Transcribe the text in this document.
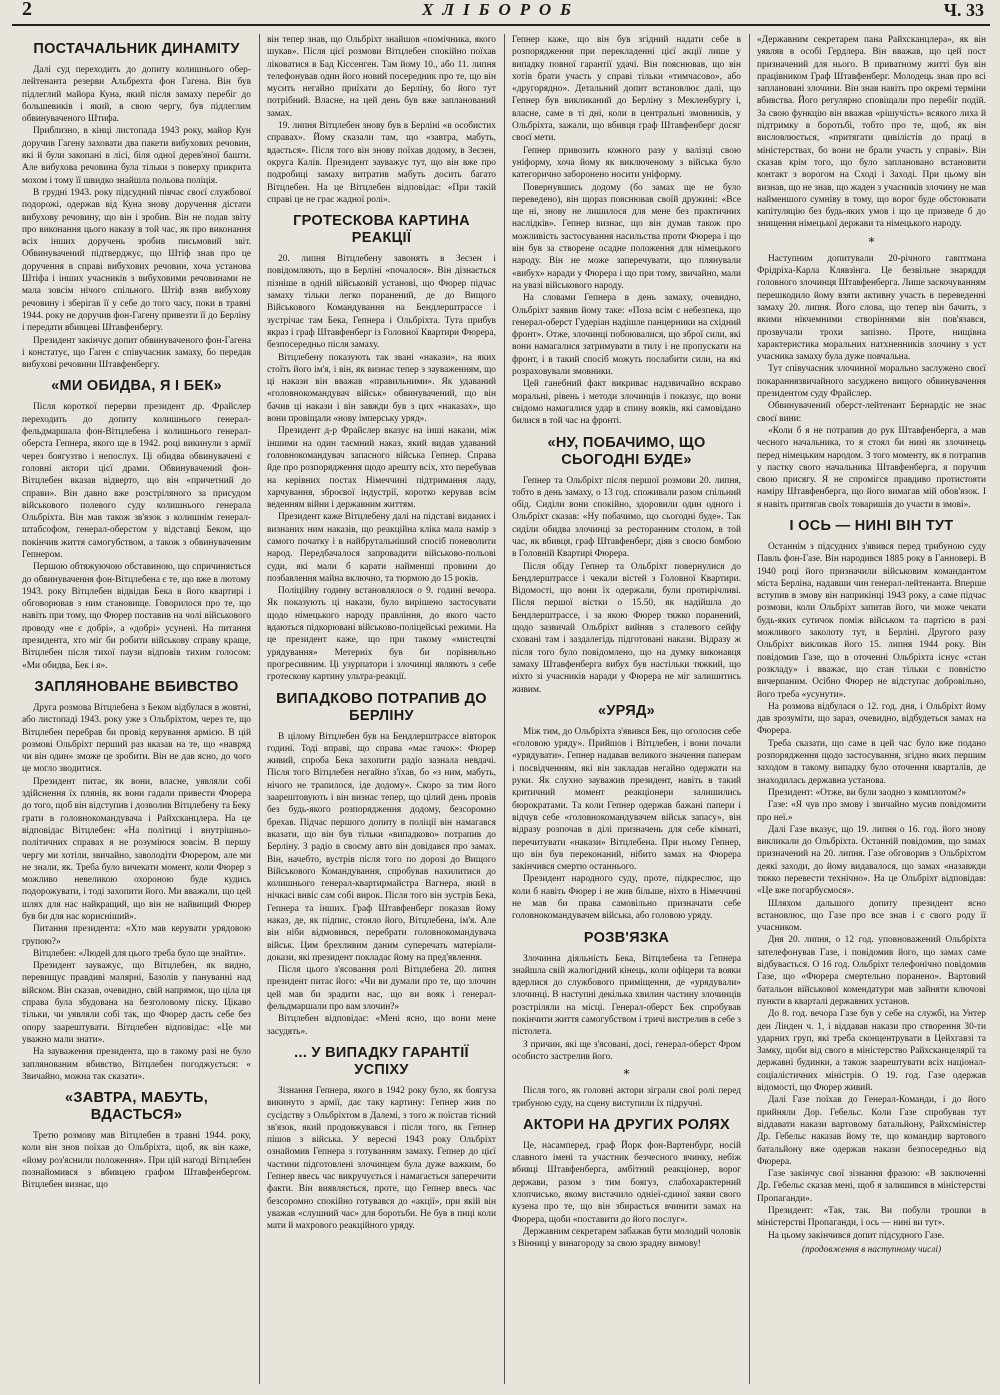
2	ХЛІБОРОБ	Ч. 33
ПОСТАЧАЛЬНИК ДИНАМІТУ

Далі суд переходить до допиту колишнього обер-лейтенанта резерви Альбрехта фон Гагена. Він був підлеглий майора Куна, який після замаху перебіг до большевиків і який, в свою чергу, був підлеглим обвинуваченого Штифа.

Приблизно, в кінці листопада 1943 року, майор Кун доручив Гагену заховати два пакети вибухових речовин, які й були закопані в лісі, біля одної дерев'яної башти. Але вибухова речовина була тільки з поверху прикрита мохом і тому її швидко знайшла польова поліція.

В грудні 1943. року підсудний півчас своєї службової подорожі, одержав від Куна знову доручення дістати вибухову речовину, що він і зробив. Він не подав звіту про виконання цього наказу в той час, як про виконання всіх інших доручень зробив письмовий звіт. Обвинувачений підтверджує, що Штіф знав про це доручення в справі вибухових речовин, хоча установа Штіфа і інших учасників з вибуховими речовинами не мала зовсім нічого спільного. Штіф взяв вибухову речовину і зберігав її у себе до того часу, поки в травні 1944. року не доручив фон-Гагену привезти її до Берліну і передати вбивцеві Штавфенбергу.

Президент закінчує допит обвинуваченого фон-Гагена і констатує, що Гаген є співучасник замаху, бо передав вибухові речовини Штавфенбергу.

«МИ ОБИДВА, Я І БЕК»

Після короткої перерви президент др. Фрайслер переходить до допиту колишнього генерал-фельдмаршала фон-Вітцлебена і колишнього генерал-оберста Гепнера, якого ще в 1942. році викинули з армії через боягузтво і непослух. Ці обидва обвинувачені є головні актори цієї драми. Обвинувачений фон-Вітцлебен вказав відверто, що він «причетний до справи». Він давно вже розстріляного за присудом військового полевого суду колишнього генерала Ольбріхта. Він мав також зв'язок з колишнім генерал-штабсофом, генерал-оберстом у відставці Беком, що покінчив життя самогубством, а також з обвинуваченим Гепнером.

Першою обтяжуючою обставиною, що спричиняється до обвинувачення фон-Вітцлебена є те, що вже в лютому 1943. року Вітцлебен відвідав Бека в його квартирі і обговорював з ним становище. Говорилося про те, що навіть при тому, що Фюрер поставив на чолі військового проводу «не є добрі», а «добрі» усунені. На питання президента, хто міг би робити військову справу краще, Вітцлебен після тихої паузи відповів тихим голосом: «Ми обидва, Бек і я».

ЗАПЛЯНОВАНЕ ВБИВСТВО

Друга розмова Вітцлебена з Беком відбулася в жовтні, або листопаді 1943. року уже з Ольбріхтом, через те, що Вітцлебен перебрав би провід керування армією. В цій розмові Ольбріхт перший раз вказав на те, що «навряд чи він один» зможе це зробити. Він не дав ясно, до чого це могло зводитися.

Президент питає, як вони, власне, уявляли собі здійснення їх плянів, як вони гадали привести Фюрера до того, щоб він відступив і дозволив Вітцлебену та Беку грати в головнокомандувача і Райхсканцлера. На це відповідає Вітцлебен: «На політиці і внутрішньо-політичних справах я не розуміюся зовсім. В першу чергу ми хотіли, звичайно, заволодіти Фюрером, але ми не знали, як. Треба було вичекати момент, коли Фюрер з можливо невеликою охороною буде кудись подорожувати, і тоді захопити його. Ми вважали, що цей шлях для нас найкращий, що він не найвищий Фюрер був би для нас корисніший».

Питання президента: «Хто мав керувати урядовою групою?»

Вітцлебен: «Людей для цього треба було ще знайти».

Президент зауважує, що Вітцлебен, як видно, перевищує правдиві малярні, Базолів у пануванні над війском. Він сказав, очевидно, свій напрямок, що ціла ця справа була збудована на безголовому піску. Цікаво тільки, чи уявляли собі так, що Фюрер дасть себе без опору заарештувати. Вітцлебен відповідає: «Це ми уважно мали знати».

На зауваження президента, що в такому разі не було заплянованим вбивство, Вітцлебен погоджується: « Звичайно, можна так сказати».

«ЗАВТРА, МАБУТЬ, ВДАСТЬСЯ»

Третю розмову мав Вітцлебен в травні 1944. року, коли він знов поїхав до Ольбріхта, щоб, як він каже, «йому роз'яснили положення». При цій нагоді Вітцлебен познайомився з вбивцею графом Штавфенбергом. Вітцлебен визнає, що

він тепер знав, що Ольбріхт знайшов «помічника, якого шукав». Після цієї розмови Вітцлебен спокійно поїхав ліковатися в Бад Кіссенген. Там йому 10., або 11. липня телефонував один його новий посередник про те, що він мусить негайно приїхати до Берліну, бо його тут потрібний. Власне, на цей день був вже запланований замах.

19. липня Вітцлебен знову був в Берліні «в особистих справах». Йому сказали там, що «завтра, мабуть, вдасться». Після того він знову поїхав додому, в Зеєзен, округа Калів. Президент зауважує тут, що він вже про подробиці замаху витратив мабуть досить багато Вітцлебен. На це Вітцлебен відповідає: «При такій справі це не грає жадної ролі».

ГРОТЕСКОВА КАРТИНА РЕАКЦІЇ

20. липня Вітцлебену завонять в Зеєзен і повідомляють, що в Берліні «почалося». Він дізнається пізніше в одній військовій установі, що Фюрер підчас замаху тільки легко поранений, де до Вищого Військового Командування на Бендлерштрассе і зустрічає там Бека, Гепнера і Ольбріхта. Тута прибув якраз і граф Штавфенберг із Головної Квартири Фюрера, безпосередньо після замаху.

Вітцлебену показують так звані «накази», на яких стоїть його ім'я, і він, як визнає тепер з зауваженням, що ці накази він вважав «правильними». Як удаваний «головнокомандувач військ» обвинувачений, що він бачив ці накази і він завжди був з цих «наказах», що вони провіщали «нову імперську уряд».

Президент д-р Фрайслер вказує на інші накази, між іншими на один таємний наказ, який видав удаваний головнокомандувач запасного війська Гепнер. Справа йде про розпорядження щодо арешту всіх, хто перебував на керівних постах Німеччині підтримання ладу, харчування, зброєвої індустрії, коротко керував всім веденням війни і державним життям.

Президент каже Вітцлебену далі на підставі виданих і визнаних ним наказів, що реакційна кліка мала намір з самого початку і в найбрутальніший спосіб поневолити народ. Передбачалося запровадити військово-польові суди, які мали б карати найменші провини до позбавлення майна включно, та тюрмою до 15 років.

Поліційну годину встановлялося о 9. годині вечора. Як показують ці накази, було вирішено застосувати щодо німецького народу правління, до якого часто вдаються підкорювані військово-поліцейські режими. На це президент каже, що при такому «мистецтві урядування» Метерніх був би порівняльно прогресивним. Ці узурпатори і злочинці являють з себе гротескову картину ультра-реакції.

ВИПАДКОВО ПОТРАПИВ ДО БЕРЛІНУ

В цілому Вітцлебен був на Бендлерштрассе вівторок годині. Тоді вправі, що справа «має гачок»: Фюрер живий, спроба Бека захопити радіо зазнала невдачі. Після того Вітцлебен негайно з'їхав, бо «з ним, мабуть, нічого не трапилося, іде додому». Скоро за тим його заарештовують і він визнає тепер, що цілий день провів без будь-якого розпорядження додому, безсоромно брехав. Підчас першого допиту в поліції він намагався вказати, що він був тільки «випадково» потрапив до Берліну. З радіо в своєму авто він довідався про замах. Він, начебто, вустрів після того по дорозі до Вищого Військового Командування, спробував нахилитися до колишнього генерал-квартирмайстра Вагнера, який в нічкасі вивіс сам собі вирок. Після того він зустрів Бека, Гепнера та інших. Граф Штавфенберг показав йому наказ, де, як підпис, стояло його, Вітцлебена, ім'я. Але він ніби відмовився, перебрати головнокомандувача військ. Цим брехливим даним суперечать матеріали-докази, які президент покладає йому на пред'явлення.

Після цього з'ясовання ролі Вітцлебена 20. липня президент питає його: «Чи ви думали про те, що злочин цей мав би зрадити нас, що ви вояк і генерал-фельдмаршали про вам злочин?»

Вітцлебен відповідає: «Мені ясно, що вони мене засудять».

... У ВИПАДКУ ГАРАНТІЇ УСПІХУ

Зізнання Гепнера, якого в 1942 року було, як боягуза викинуто з армії, дає таку картину: Гепнер жив по сусідству з Ольбріхтом в Далемі, з того ж поїстав тісний зв'язок, який продовжувався і після того, як Гепнер пішов з війська. У вересні 1943 року Ольбріхт ознайомив Гепнера з готуванням замаху. Гепнер до цієї частини підготовлені злочинцем була дуже важким, бо Гепнер ввесь час викручується і намагається заперечити факти. Він виявляється, проте, що Гепнер ввесь час безсоромно спокійно готувався до «акції», при якій він уважав «слушний час» для боротьби. Не був в пиці коли мати й махрового реакційного уряду.

Гепнер каже, що він був згідний надати себе в розпорядження при перекладенні цієї акції лише у випадку повної гарантії удачі. Він пояснював, що він хотів брати участь у справі тільки «тимчасово», або «другорядно». Детальний допит встановлює далі, що Гепнер був викликаний до Берліну з Мекленбургу і, власне, саме в ті дні, коли в центральні змовників, у Ольбріхта, зажали, що вбивця граф Штавфенберг досяг своєї мети.

Гепнер привозить кожного разу у валізці свою уніформу, хоча йому як виключеному з війська було категорично заборонено носити уніформу.

Повернувшись додому (бо замах ще не було переведено), він щораз пояснював своїй дружині: «Все ще ні, знову не лишилося для мене без практичних наслідків». Гепнер визнає, що він думав також про можливість застосування насильства проти Фюрера і що він був за створене осадне положення для німецького народу. Він не може заперечувати, що плянували «вибух» наради у Фюрера і що при тому, звичайно, мали на увазі військового народу.

На словами Гепнера в день замаху, очевидно, Ольбріхт заявив йому таке: «Поза всім є небезпека, що генерал-оберст Гудеріан надішле панцерники на східний фронт». Отже, злочинці побоювалися, що зброї сили, які вони намагалися затримувати в тилу і не пропускати на фронт, і в такий спосіб можуть послабити сили, на які розраховували змовники.

Цей ганебний факт викриває надзвичайно яскраво моральні, рівень і методи злочинців і показує, що вони свідомо намагалися удар в спину вояків, які самовідано билися в той час на фронті.

«НУ, ПОБАЧИМО, ЩО СЬОГОДНІ БУДЕ»

Гепнер та Ольбріхт після першої розмови 20. липня, тобто в день замаху, о 13 год. споживали разом спільний обід. Сиділи вони спокійно, здоровили один одного і Ольбріхт сказав: «Ну побачимо, що сьогодні буде». Так сиділи обидва злочинці за ресторанним столом, в той час, як вбивця, граф Штавфенберг, діяв з своєю бомбою в Головній Квартирі Фюрера.

Після обіду Гепнер та Ольбріхт повернулися до Бендлерштрассе і чекали вістей з Головної Квартири. Відомості, що вони їх одержали, були протирічливі. Після першої вістки о 15.50, як надійшла до Бендлерштрассе, і за якою Фюрер тяжко поранений, щодо зазвичай Ольбріхт вийняв з сталевого сейфу сховані там і заздалегідь підготовані накази. Відразу ж після того було повідомлено, що на думку виконавця замаху Штавфенберга вибух був настільки тяжкий, що ніхто зі учасників наради у Фюрера не міг залишитись живим.

«УРЯД»

Між тим, до Ольбріхта з'явився Бек, що оголосив себе «головою уряду». Прийшов і Вітцлебен, і вони почали «урядувати». Гепнер надавав великого значення паперам і посвідченням, які він закладав негайно одержати на руки. Як слухно зауважив президент, навіть в такий критичний момент реакціонери залишились бюрократами. Та коли Гепнер одержав бажані папери і відчув себе «головнокомандувачем військ запасу», він відразу розпочав в ділі призначень для себе кімнаті, перечитувати «накази» Вітцлебена. При ньому Гепнер, що він був переконаний, нібито замах на Фюрера закінчився смертю останнього.

Президент народного суду, проте, підкреслює, що коли б навіть Фюрер і не жив більше, ніхто в Німеччині не мав би права самовільно призначати себе головнокомандувачем війська, або головою уряду.

РОЗВ'ЯЗКА

Злочинна діяльність Бека, Вітцлебена та Гепнера знайшла свій жалюгідний кінець, коли офіцери та вояки вдерлися до службового приміщення, де «урядували» злочинці. В наступні декілька хвилин частину злочинців розстріляли на місці. Генерал-оберст Бек спробував покінчити життя самогубством і тричі вистрелив в себе з пістолета.

З причин, які ще з'ясовані, досі, генерал-оберст Фром особисто застрелив його.

*

Після того, як головні актори зіграли свої ролі перед трибуною суду, на сцену виступили їх підручні.

АКТОРИ НА ДРУГИХ РОЛЯХ

Це, насамперед, граф Йорк фон-Вартенбург, носій славного імені та участник безчесного вчинку, небіж вбивці Штавфенберга, амбітний реакціонер, ворог держави, разом з тим боягуз, слабохарактерний хлопчисько, якому вистачило одніеї-єдиної заяви свого кузена про те, що він збирається вчинити замах на Фюрера, щоби «поставити до його послуг».

Державним секретарем забажав бути молодий чоловік з Вінниці у винагороду за свою зрадну вимову!

«Державним секретарем пана Райхсканцлера», як він уявляв в особі Гердлера. Він вважав, що цей пост призначений для нього. В приватному житті був він працівником Граф Штавфенберг. Молодець знав про всі заплановані злочини. Він знав навіть про окремі терміни вбивства. Його регулярно сповіщали про перебіг подій. За свою функцію він вважав «рішучість» всякого лиха й підтримку в боротьбі, тобто про те, щоб, як він висловлюється, «притягати цивілістів до праці в міністерствах, бо вони не брали участь у справі». Він сказав крім того, що було заплановано встановити контакт з ворогом на Сході і Заході. При цьому він визнав, що не знав, що жаден з учасників злочину не мав найменшого сумніву в тому, що ворог буде обстоювати капітуляцію без будь-яких умов і що це призведе б до знищення німецької держави та німецького народу.

*

Наступним допитували 20-річного гавптмана Фрідріха-Карла Клявзінга. Це безвільне знаряддя головного злочинця Штавфенберга. Лише заскочуванням перешкодило йому взяти активну участь в переведенні замаху 20. липня. Його слова, що тепер він бачить, з якими нікчемними створіннями він пов'язався, прозвучали трохи запізно. Проте, нищівна характеристика моральних натхненників злочину з уст учасника замаху була дуже повчальна.

Тут співучасник злочинної морально заслужено своєї покараннязвичайного засуджено вищого обвинувачення президентом суду Фрайслер.

Обвинувачений оберст-лейтенант Бернардіс не знає своєї вини:

«Коли б я не потрапив до рук Штавфенберга, а мав чесного начальника, то я стоял би нині як злочинець перед німецьким народом. З того моменту, як я потрапив у пастку свого начальника Штавфенберга, я поручив свою присягу. Я не спромігся правдиво протистояти наміру Штавфенберга, що його вимагав мій обов'язок. І я навіть притягав своїх товаришів до участи в змові».

І ОСЬ — НИНІ ВІН ТУТ

Останнім з підсудних з'явився перед трибуною суду Павль фон-Газе. Він народився 1885 року в Ганновері. В 1940 році його призначили військовим командантом міста Берліна, надавши чин генерал-лейтенанта. Вперше вступив в змову він наприкінці 1943 року, а саме підчас розмови, коли Ольбріхт запитав його, чи може чекати будь-яких сутичок поміж військом та партією в разі можливого заколоту тут, в Берліні. Другого разу Ольбріхт викликав його 15. липня 1944 року. Він повідомив Газе, що в оточенні Ольбріхта існує «стан розкладу» і вважає, що стан тільки є повністю вичерпаним. Осібно Фюрер не відступає добровільно, його треба «усунути».

На розмова відбулася о 12. год. дня, і Ольбріхт йому дав зрозуміти, що зараз, очевидно, відбудеться замах на Фюрера.

Треба сказати, що саме в цей час було вже подано розпорядження щодо застосування, згідно яких першим заходом в такому випадку було оточення кварталів, де знаходилась державна установа.

Президент: «Отже, ви були заодно з комплотом?»

Газе: «Я чув про змову і звичайно мусив повідомити про неї.»

Далі Газе вказує, що 19. липня о 16. год. його знову викликали до Ольбріхта. Останній повідомив, що замах призначений на 20. липня. Газе обговорив з Ольбріхтом деякі заходи, до йому видавалося, що замах «назавжди тяжко перевести технічно». На це Ольбріхт відповідав: «Це вже погарбуємося».

Шляхом дальшого допиту президент ясно встановлює, що Газе про все знав і є свого роду її учасником.

Дня 20. липня, о 12 год. уповноважений Ольбріхта зателефонував Газе, і повідомив його, що замах саме відбувається. О 16 год. Ольбріхт телефонічно повідомив Газе, що «Фюрера смертельно поранено». Вартовий батальон військової комендатури мав зайняти ключові пункти в кварталі державних установ.

До 8. год. вечора Газе був у себе на службі, на Унтер ден Лінден ч. 1, і віддавав накази про створення 30-ти ударних груп, які треба сконцентрувати в Цейхгавзі та Замку, щоби від свого в міністерство Райхсканцелярії та державні будинки, а також заарештувати всіх націонал-соціалістичних міністрів. О 19. год. Газе одержав відомості, що Фюрер живий.

Далі Газе поїхав до Генерал-Команди, і до його прийняли Дор. Гебельс. Коли Газе спробував тут віддавати накази вартовому батальйону, Райхсміністер Др. Гебельс наказав йому те, що командир вартового батальйону вже одержав накази безпосередньо від Фюрера.

Газе закінчує свої зізнання фразою: «В заключенні Др. Гебельс сказав мені, щоб я залишився в міністерстві Пропаганди».

Президент: «Так, так. Ви побули трошки в міністерстві Пропаганди, і ось — нині ви тут».

На цьому закінчився допит підсудного Газе.

(продовження в наступному числі)
